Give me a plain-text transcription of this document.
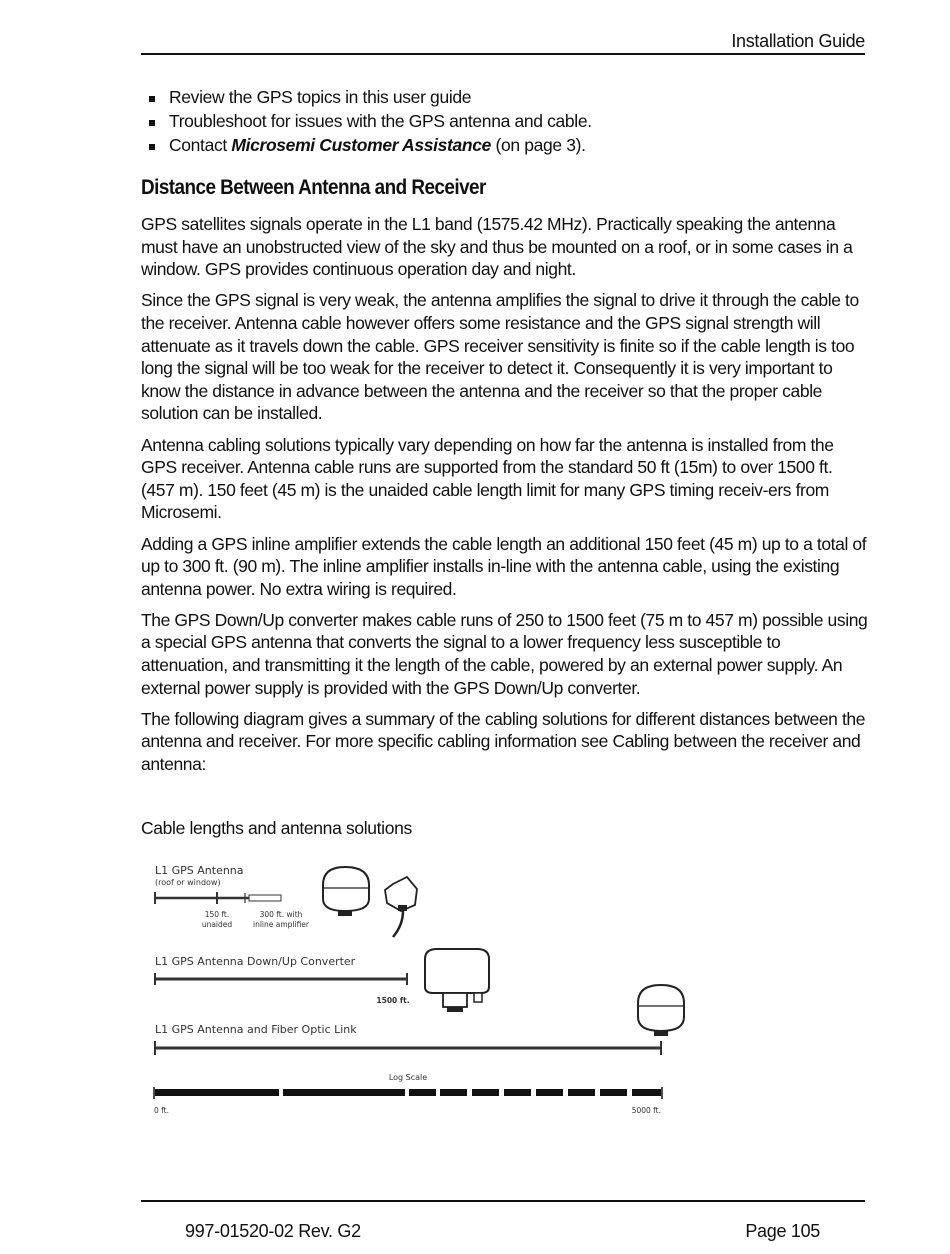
Installation Guide
Review the GPS topics in this user guide
Troubleshoot for issues with the GPS antenna and cable.
Contact Microsemi Customer Assistance (on page 3).
Distance Between Antenna and Receiver

GPS satellites signals operate in the L1 band (1575.42 MHz). Practically speaking the antenna must have an unobstructed view of the sky and thus be mounted on a roof, or in some cases in a window. GPS provides continuous operation day and night.

Since the GPS signal is very weak, the antenna amplifies the signal to drive it through the cable to the receiver. Antenna cable however offers some resistance and the GPS signal strength will attenuate as it travels down the cable. GPS receiver sensitivity is finite so if the cable length is too long the signal will be too weak for the receiver to detect it. Consequently it is very important to know the distance in advance between the antenna and the receiver so that the proper cable solution can be installed.

Antenna cabling solutions typically vary depending on how far the antenna is installed from the GPS receiver. Antenna cable runs are supported from the standard 50 ft (15m) to over 1500 ft. (457 m). 150 feet (45 m) is the unaided cable length limit for many GPS timing receiv-ers from Microsemi.

Adding a GPS inline amplifier extends the cable length an additional 150 feet (45 m) up to a total of up to 300 ft. (90 m). The inline amplifier installs in-line with the antenna cable, using the existing antenna power. No extra wiring is required.

The GPS Down/Up converter makes cable runs of 250 to 1500 feet (75 m to 457 m) possible using a special GPS antenna that converts the signal to a lower frequency less susceptible to attenuation, and transmitting it the length of the cable, powered by an external power supply. An external power supply is provided with the GPS Down/Up converter.

The following diagram gives a summary of the cabling solutions for different distances between the antenna and receiver. For more specific cabling information see Cabling between the receiver and antenna:

Cable lengths and antenna solutions
L1 GPS Antenna
(roof or window)
150 ft.
unaided
300 ft. with
inline amplifier
L1 GPS Antenna Down/Up Converter
1500 ft.
L1 GPS Antenna and Fiber Optic Link
Log Scale
0 ft.	5000 ft.
997-01520-02 Rev. G2	Page 105
